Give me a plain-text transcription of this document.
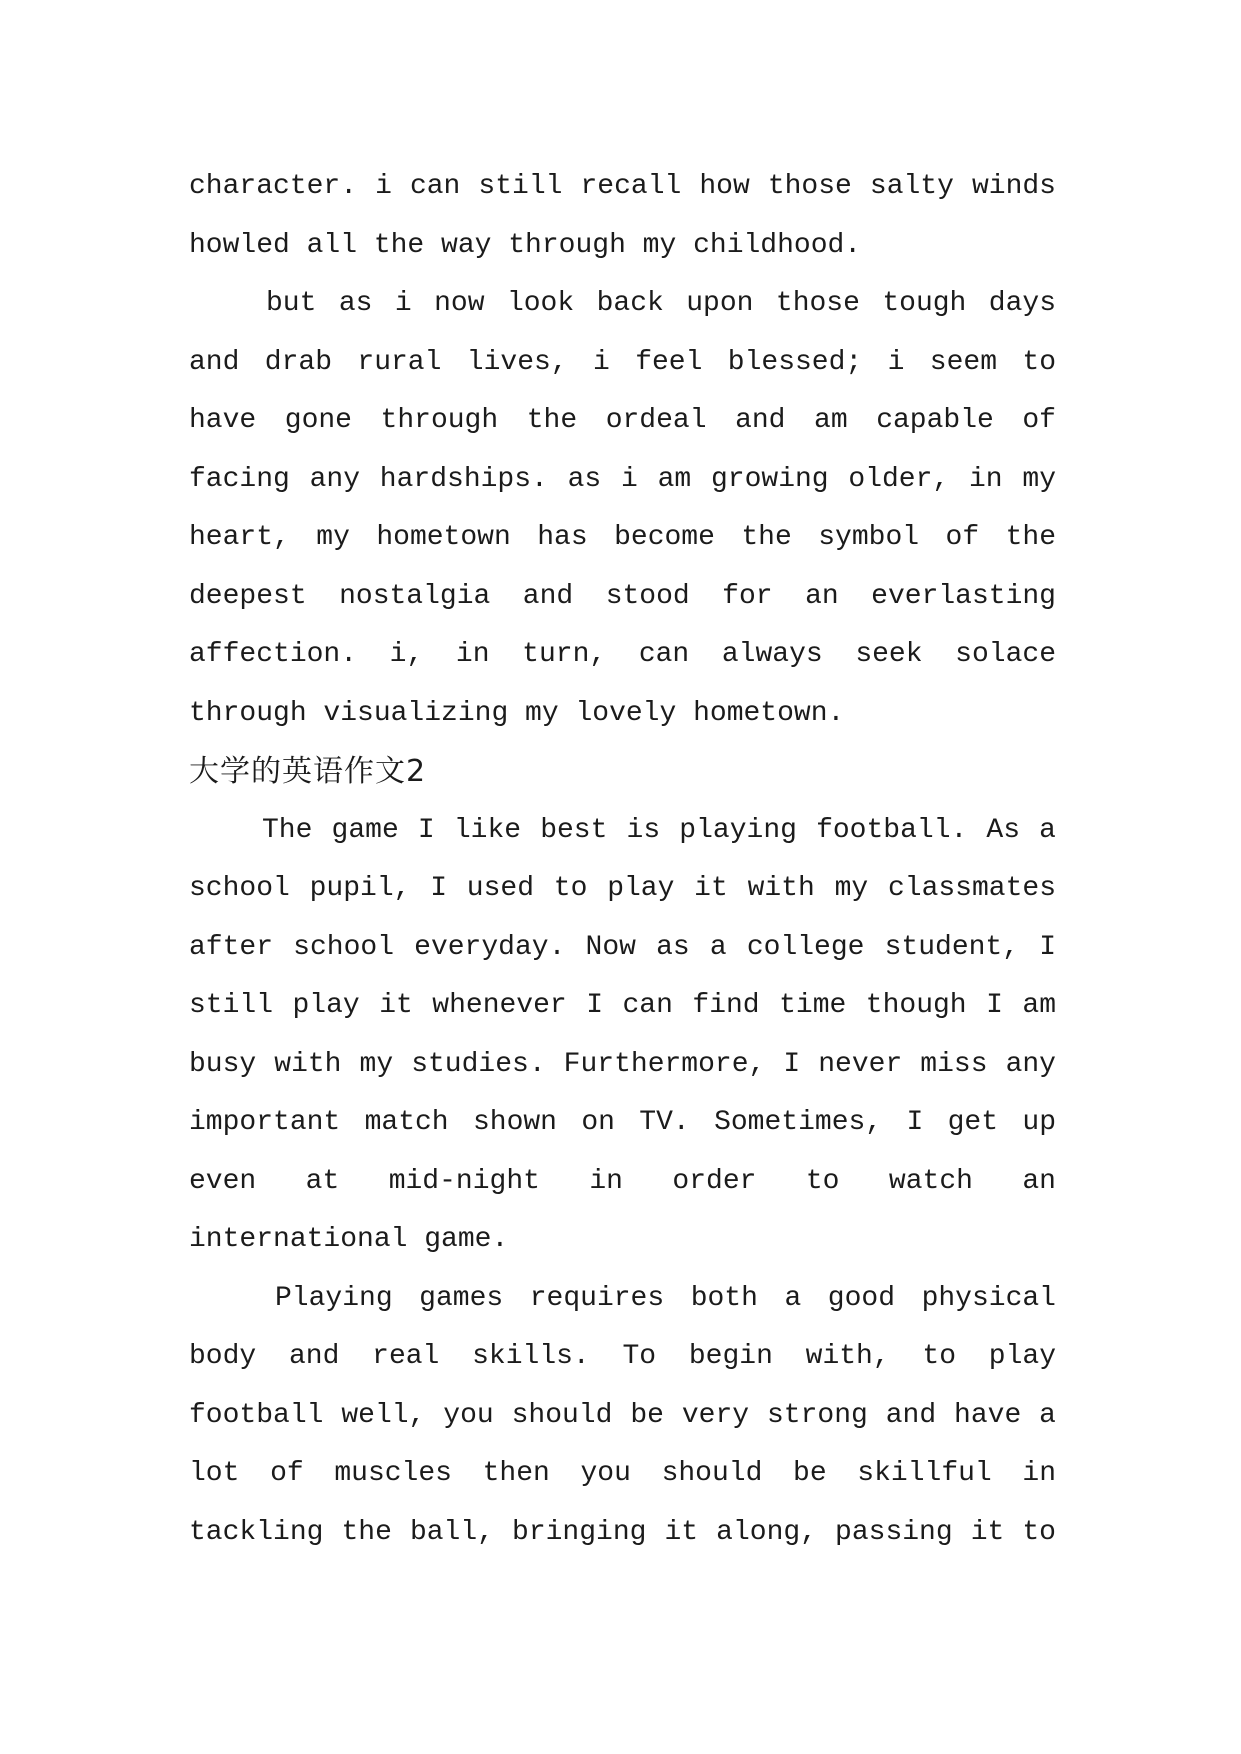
character. i can still recall how those salty winds
howled all the way through my childhood.
but as i now look back upon those tough days
and drab rural lives, i feel blessed; i seem to
have gone through the ordeal and am capable of
facing any hardships. as i am growing older, in my
heart, my hometown has become the symbol of the
deepest nostalgia and stood for an everlasting
affection. i, in turn, can always seek solace
through visualizing my lovely hometown.
大学的英语作文2
The game I like best is playing football. As a
school pupil, I used to play it with my classmates
after school everyday. Now as a college student, I
still play it whenever I can find time though I am
busy with my studies. Furthermore, I never miss any
important match shown on TV. Sometimes, I get up
even at mid-night in order to watch an
international game.
Playing games requires both a good physical
body and real skills. To begin with, to play
football well, you should be very strong and have a
lot of muscles then you should be skillful in
tackling the ball, bringing it along, passing it to
